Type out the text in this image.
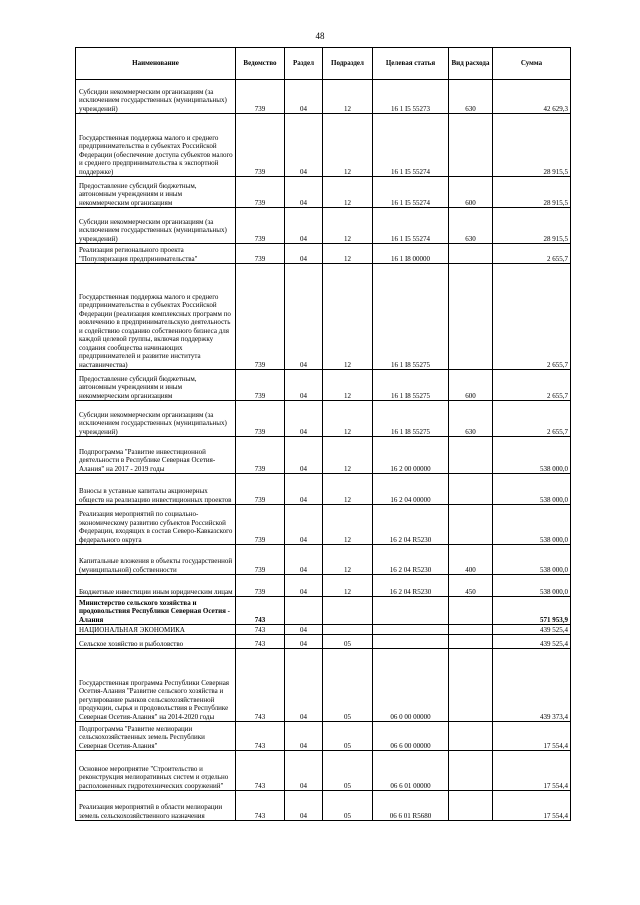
48
Наименование	Ведомство	Раздел	Подраздел	Целевая статья	Вид расхода	Сумма
Субсидии некоммерческим организациям (за исключением государственных (муниципальных) учреждений)	739	04	12	16 1 I5 55273	630	42 629,3
Государственная поддержка малого и среднего предпринимательства в субъектах Российской Федерации (обеспечение доступа субъектов малого и среднего предпринимательства к экспортной поддержке)	739	04	12	16 1 I5 55274		28 915,5
Предоставление субсидий бюджетным, автономным учреждениям и иным некоммерческим организациям	739	04	12	16 1 I5 55274	600	28 915,5
Субсидии некоммерческим организациям (за исключением государственных (муниципальных) учреждений)	739	04	12	16 1 I5 55274	630	28 915,5
Реализация регионального проекта "Популяризация предпринимательства"	739	04	12	16 1 I8 00000		2 655,7
Государственная поддержка малого и среднего предпринимательства в субъектах Российской Федерации (реализация комплексных программ по вовлечению в предпринимательскую деятельность и содействию созданию собственного бизнеса для каждой целевой группы, включая поддержку создания сообщества начинающих предпринимателей и развитие института наставничества)	739	04	12	16 1 I8 55275		2 655,7
Предоставление субсидий бюджетным, автономным учреждениям и иным некоммерческим организациям	739	04	12	16 1 I8 55275	600	2 655,7
Субсидии некоммерческим организациям (за исключением государственных (муниципальных) учреждений)	739	04	12	16 1 I8 55275	630	2 655,7
Подпрограмма "Развитие инвестиционной деятельности в Республике Северная Осетия-Алания" на 2017 - 2019 годы	739	04	12	16 2 00 00000		538 000,0
Взносы в уставные капиталы акционерных обществ на реализацию инвестиционных проектов	739	04	12	16 2 04 00000		538 000,0
Реализация мероприятий по социально-экономическому развитию субъектов Российской Федерации, входящих в состав Северо-Кавказского федерального округа	739	04	12	16 2 04 R5230		538 000,0
Капитальные вложения в объекты государственной (муниципальной) собственности	739	04	12	16 2 04 R5230	400	538 000,0
Бюджетные инвестиции иным юридическим лицам	739	04	12	16 2 04 R5230	450	538 000,0
Министерство сельского хозяйства и продовольствия Республики Северная Осетия - Алания	743					571 953,9
НАЦИОНАЛЬНАЯ ЭКОНОМИКА	743	04				439 525,4
Сельское хозяйство и рыболовство	743	04	05			439 525,4
Государственная программа Республики Северная Осетия-Алания "Развитие сельского хозяйства и регулирование рынков сельскохозяйственной продукции, сырья и продовольствия в Республике Северная Осетия-Алания" на 2014-2020 годы	743	04	05	06 0 00 00000		439 373,4
Подпрограмма "Развитие мелиорации сельскохозяйственных земель Республики Северная Осетия-Алания"	743	04	05	06 6 00 00000		17 554,4
Основное мероприятие "Строительство и реконструкция мелиоративных систем и отдельно расположенных гидротехнических сооружений"	743	04	05	06 6 01 00000		17 554,4
Реализация мероприятий в области мелиорации земель сельскохозяйственного назначения	743	04	05	06 6 01 R5680		17 554,4
